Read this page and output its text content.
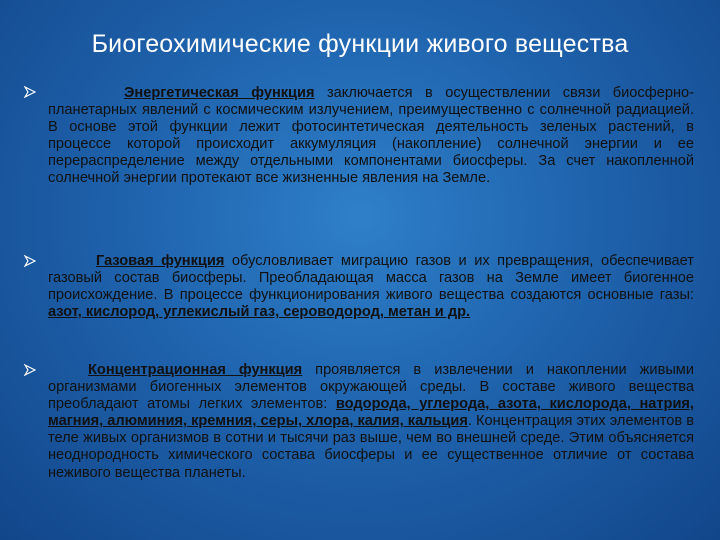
Биогеохимические функции живого вещества
Энергетическая функция заключается в осуществлении связи биосферно-планетарных явлений с космическим излучением, преимущественно с солнечной радиацией. В основе этой функции лежит фотосинтетическая деятельность зеленых растений, в процессе которой происходит аккумуляция (накопление) солнечной энергии и ее перераспределение между отдельными компонентами биосферы. За счет накопленной солнечной энергии протекают все жизненные явления на Земле.
Газовая функция обусловливает миграцию газов и их превращения, обеспечивает газовый состав биосферы. Преобладающая масса газов на Земле имеет биогенное происхождение. В процессе функционирования живого вещества создаются основные газы: азот, кислород, углекислый газ, сероводород, метан и др.
Концентрационная функция проявляется в извлечении и накоплении живыми организмами биогенных элементов окружающей среды. В составе живого вещества преобладают атомы легких элементов: водорода, углерода, азота, кислорода, натрия, магния, алюминия, кремния, серы, хлора, калия, кальция. Концентрация этих элементов в теле живых организмов в сотни и тысячи раз выше, чем во внешней среде. Этим объясняется неоднородность химического состава биосферы и ее существенное отличие от состава неживого вещества планеты.
